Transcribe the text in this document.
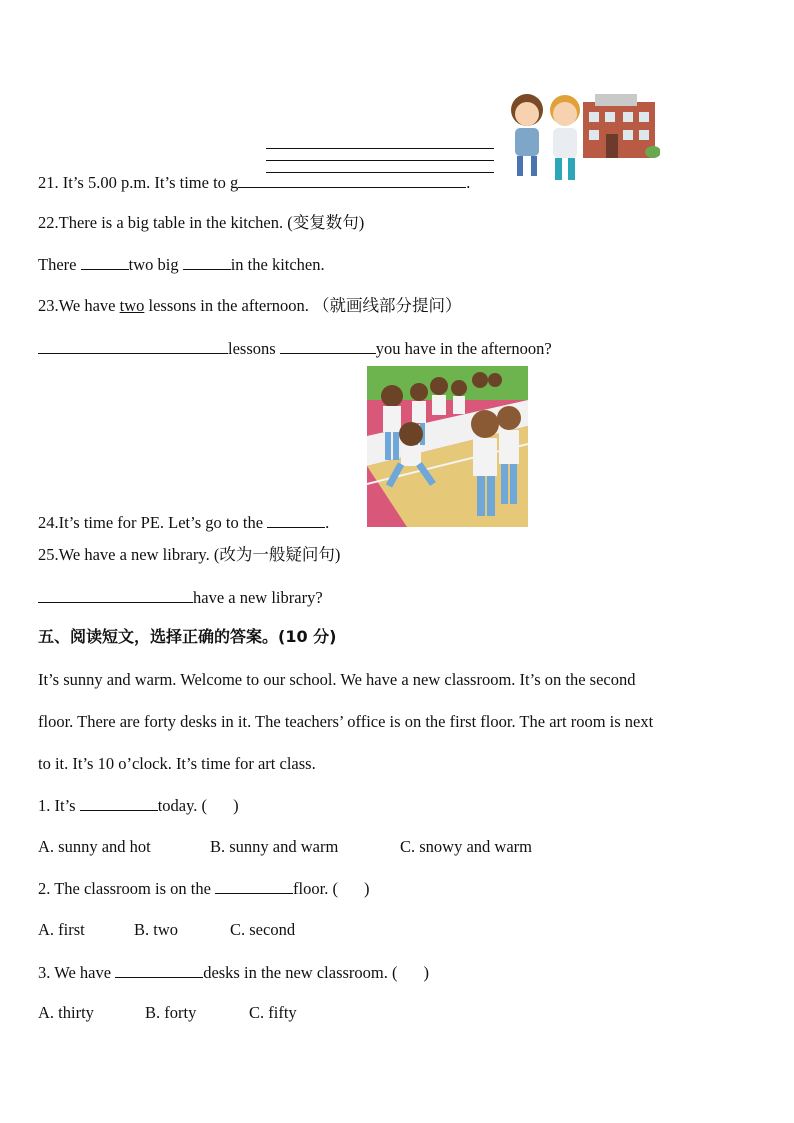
21. It’s 5.00 p.m. It’s time to g	.
22.There is a big table in the kitchen. (变复数句)
There	two big	in the kitchen.
23.We have two lessons in the afternoon. （就画线部分提问）
lessons	you have in the afternoon?
24.It’s time for PE. Let’s go to the	.
25.We have a new library. (改为一般疑问句)
have a new library?
五、阅读短文，选择正确的答案。(10 分)
It’s sunny and warm. Welcome to our school. We have a new classroom. It’s on the second
floor. There are forty desks in it. The teachers’ office is on the first floor. The art room is next
to it. It’s 10 o’clock. It’s time for art class.
1. It’s	today. ( )
A. sunny and hot	B. sunny and warm	C. snowy and warm
2. The classroom is on the	floor. ( )
A. first	B. two	C. second
3. We have	desks in the new classroom. ( )
A. thirty	B. forty	C. fifty
